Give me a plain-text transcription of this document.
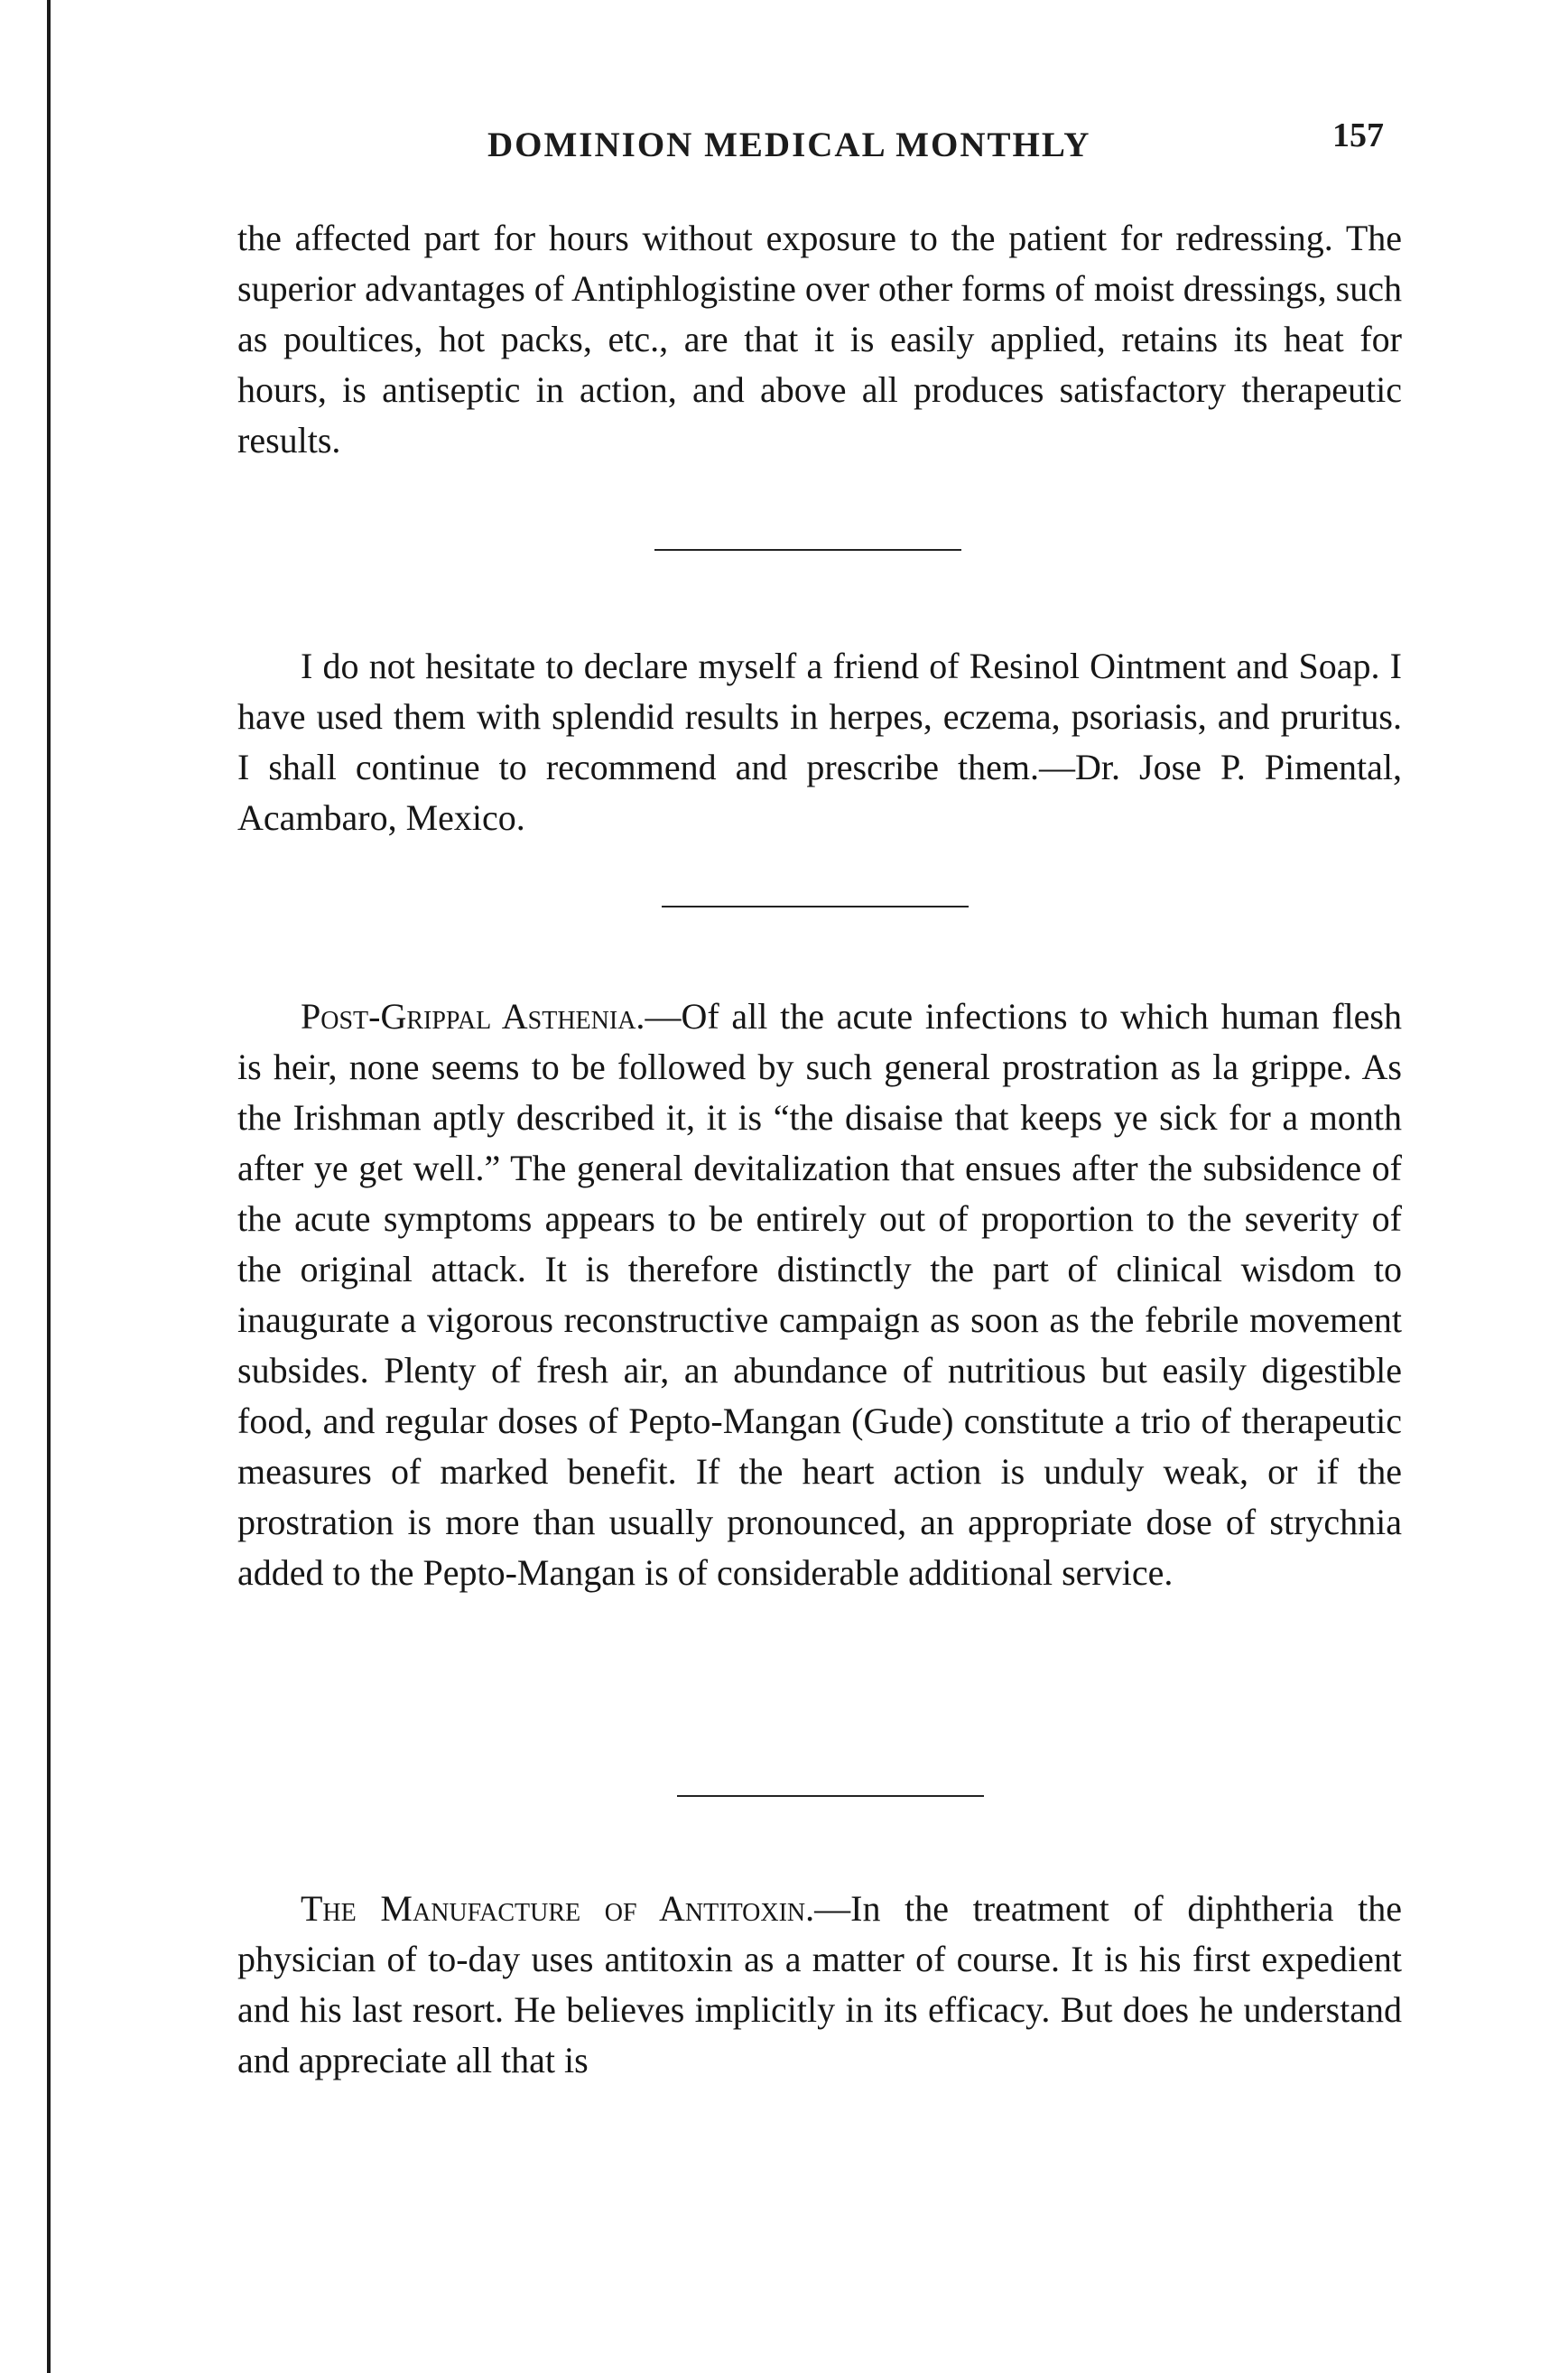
DOMINION MEDICAL MONTHLY	157

the affected part for hours without exposure to the patient for redressing. The superior advantages of Antiphlogistine over other forms of moist dressings, such as poultices, hot packs, etc., are that it is easily applied, retains its heat for hours, is antiseptic in action, and above all produces satisfactory therapeutic results.

I do not hesitate to declare myself a friend of Resinol Ointment and Soap. I have used them with splendid results in herpes, eczema, psoriasis, and pruritus. I shall continue to recommend and prescribe them.—Dr. Jose P. Pimental, Acambaro, Mexico.

Post-Grippal Asthenia.—Of all the acute infections to which human flesh is heir, none seems to be followed by such general prostration as la grippe. As the Irishman aptly described it, it is “the disaise that keeps ye sick for a month after ye get well.” The general devitalization that ensues after the subsidence of the acute symptoms appears to be entirely out of proportion to the severity of the original attack. It is therefore distinctly the part of clinical wisdom to inaugurate a vigorous reconstructive campaign as soon as the febrile movement subsides. Plenty of fresh air, an abundance of nutritious but easily digestible food, and regular doses of Pepto-Mangan (Gude) constitute a trio of therapeutic measures of marked benefit. If the heart action is unduly weak, or if the prostration is more than usually pronounced, an appropriate dose of strychnia added to the Pepto-Mangan is of considerable additional service.

The Manufacture of Antitoxin.—In the treatment of diphtheria the physician of to-day uses antitoxin as a matter of course. It is his first expedient and his last resort. He believes implicitly in its efficacy. But does he understand and appreciate all that is
